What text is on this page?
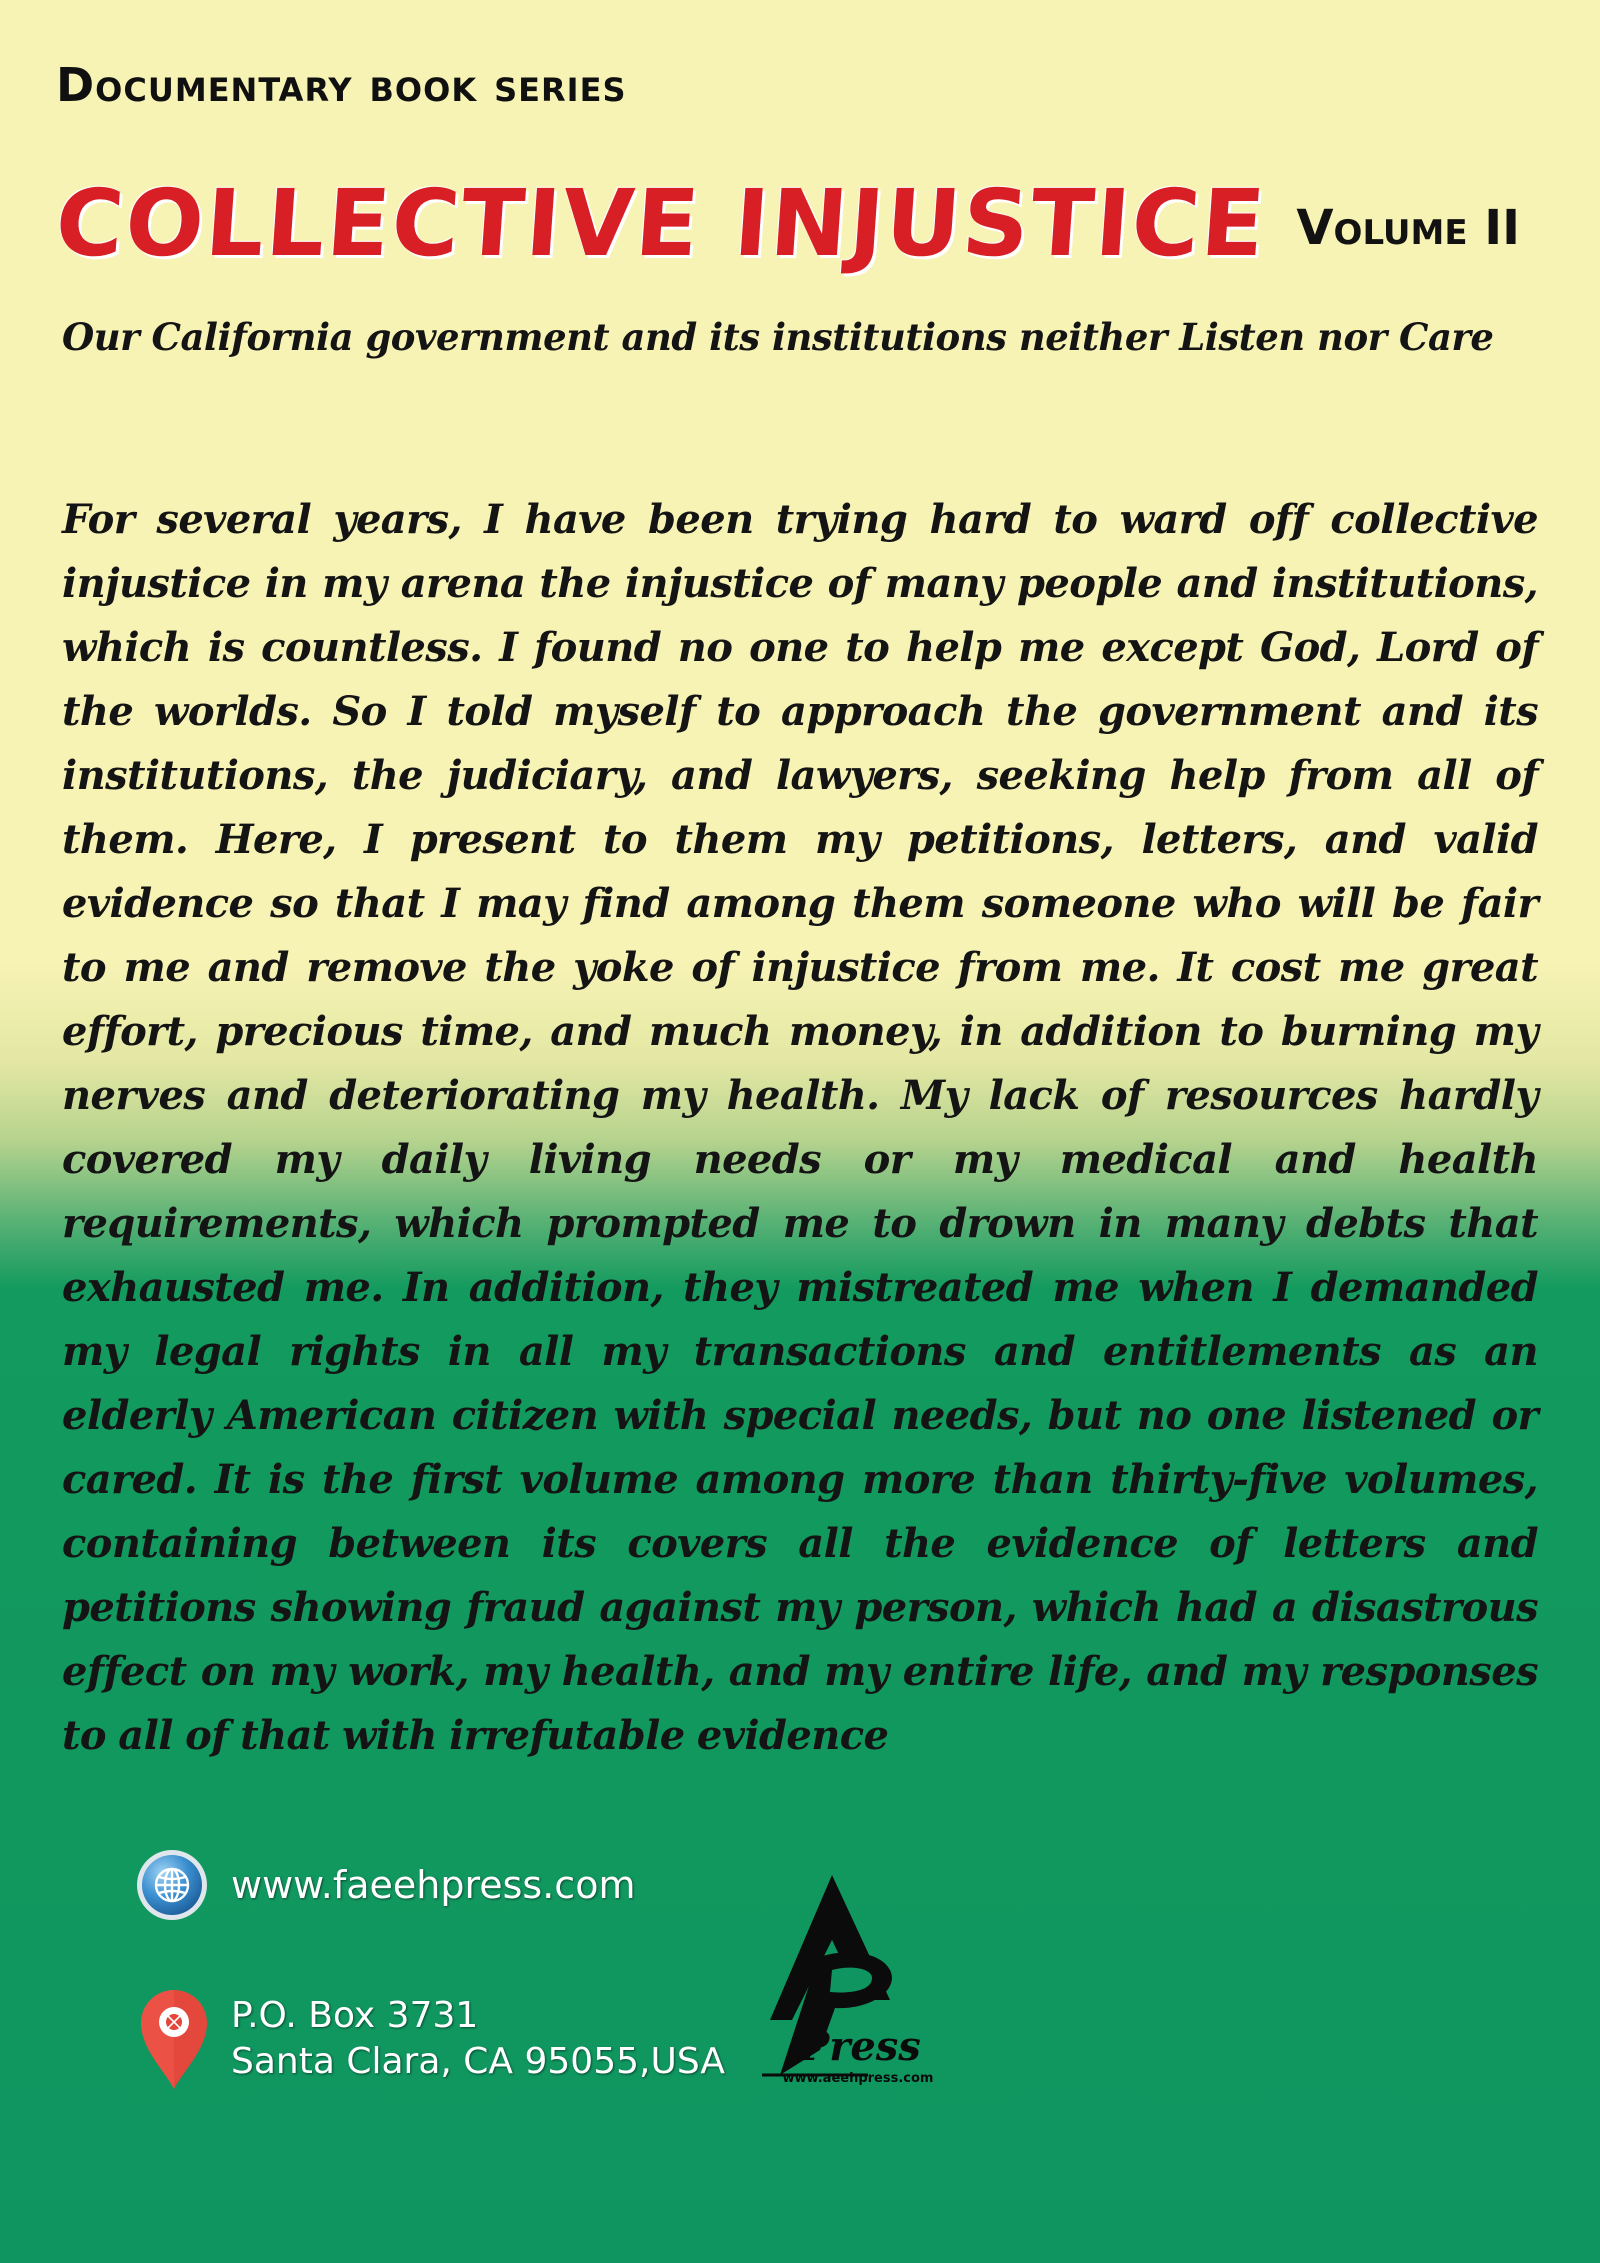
Documentary book series
COLLECTIVE INJUSTICE Volume II
Our California government and its institutions neither Listen nor Care

For several years, I have been trying hard to ward off collective injustice in my arena the injustice of many people and institutions, which is countless. I found no one to help me except God, Lord of the worlds. So I told myself to approach the government and its institutions, the judiciary, and lawyers, seeking help from all of them. Here, I present to them my petitions, letters, and valid evidence so that I may find among them someone who will be fair to me and remove the yoke of injustice from me. It cost me great effort, precious time, and much money, in addition to burning my nerves and deteriorating my health. My lack of resources hardly covered my daily living needs or my medical and health requirements, which prompted me to drown in many debts that exhausted me. In addition, they mistreated me when I demanded my legal rights in all my transactions and entitlements as an elderly American citizen with special needs, but no one listened or cared. It is the first volume among more than thirty-five volumes, containing between its covers all the evidence of letters and petitions showing fraud against my person, which had a disastrous effect on my work, my health, and my entire life, and my responses to all of that with irrefutable evidence

www.faeehpress.com
P.O. Box 3731
Santa Clara, CA 95055,USA Press
www.aeehpress.com
